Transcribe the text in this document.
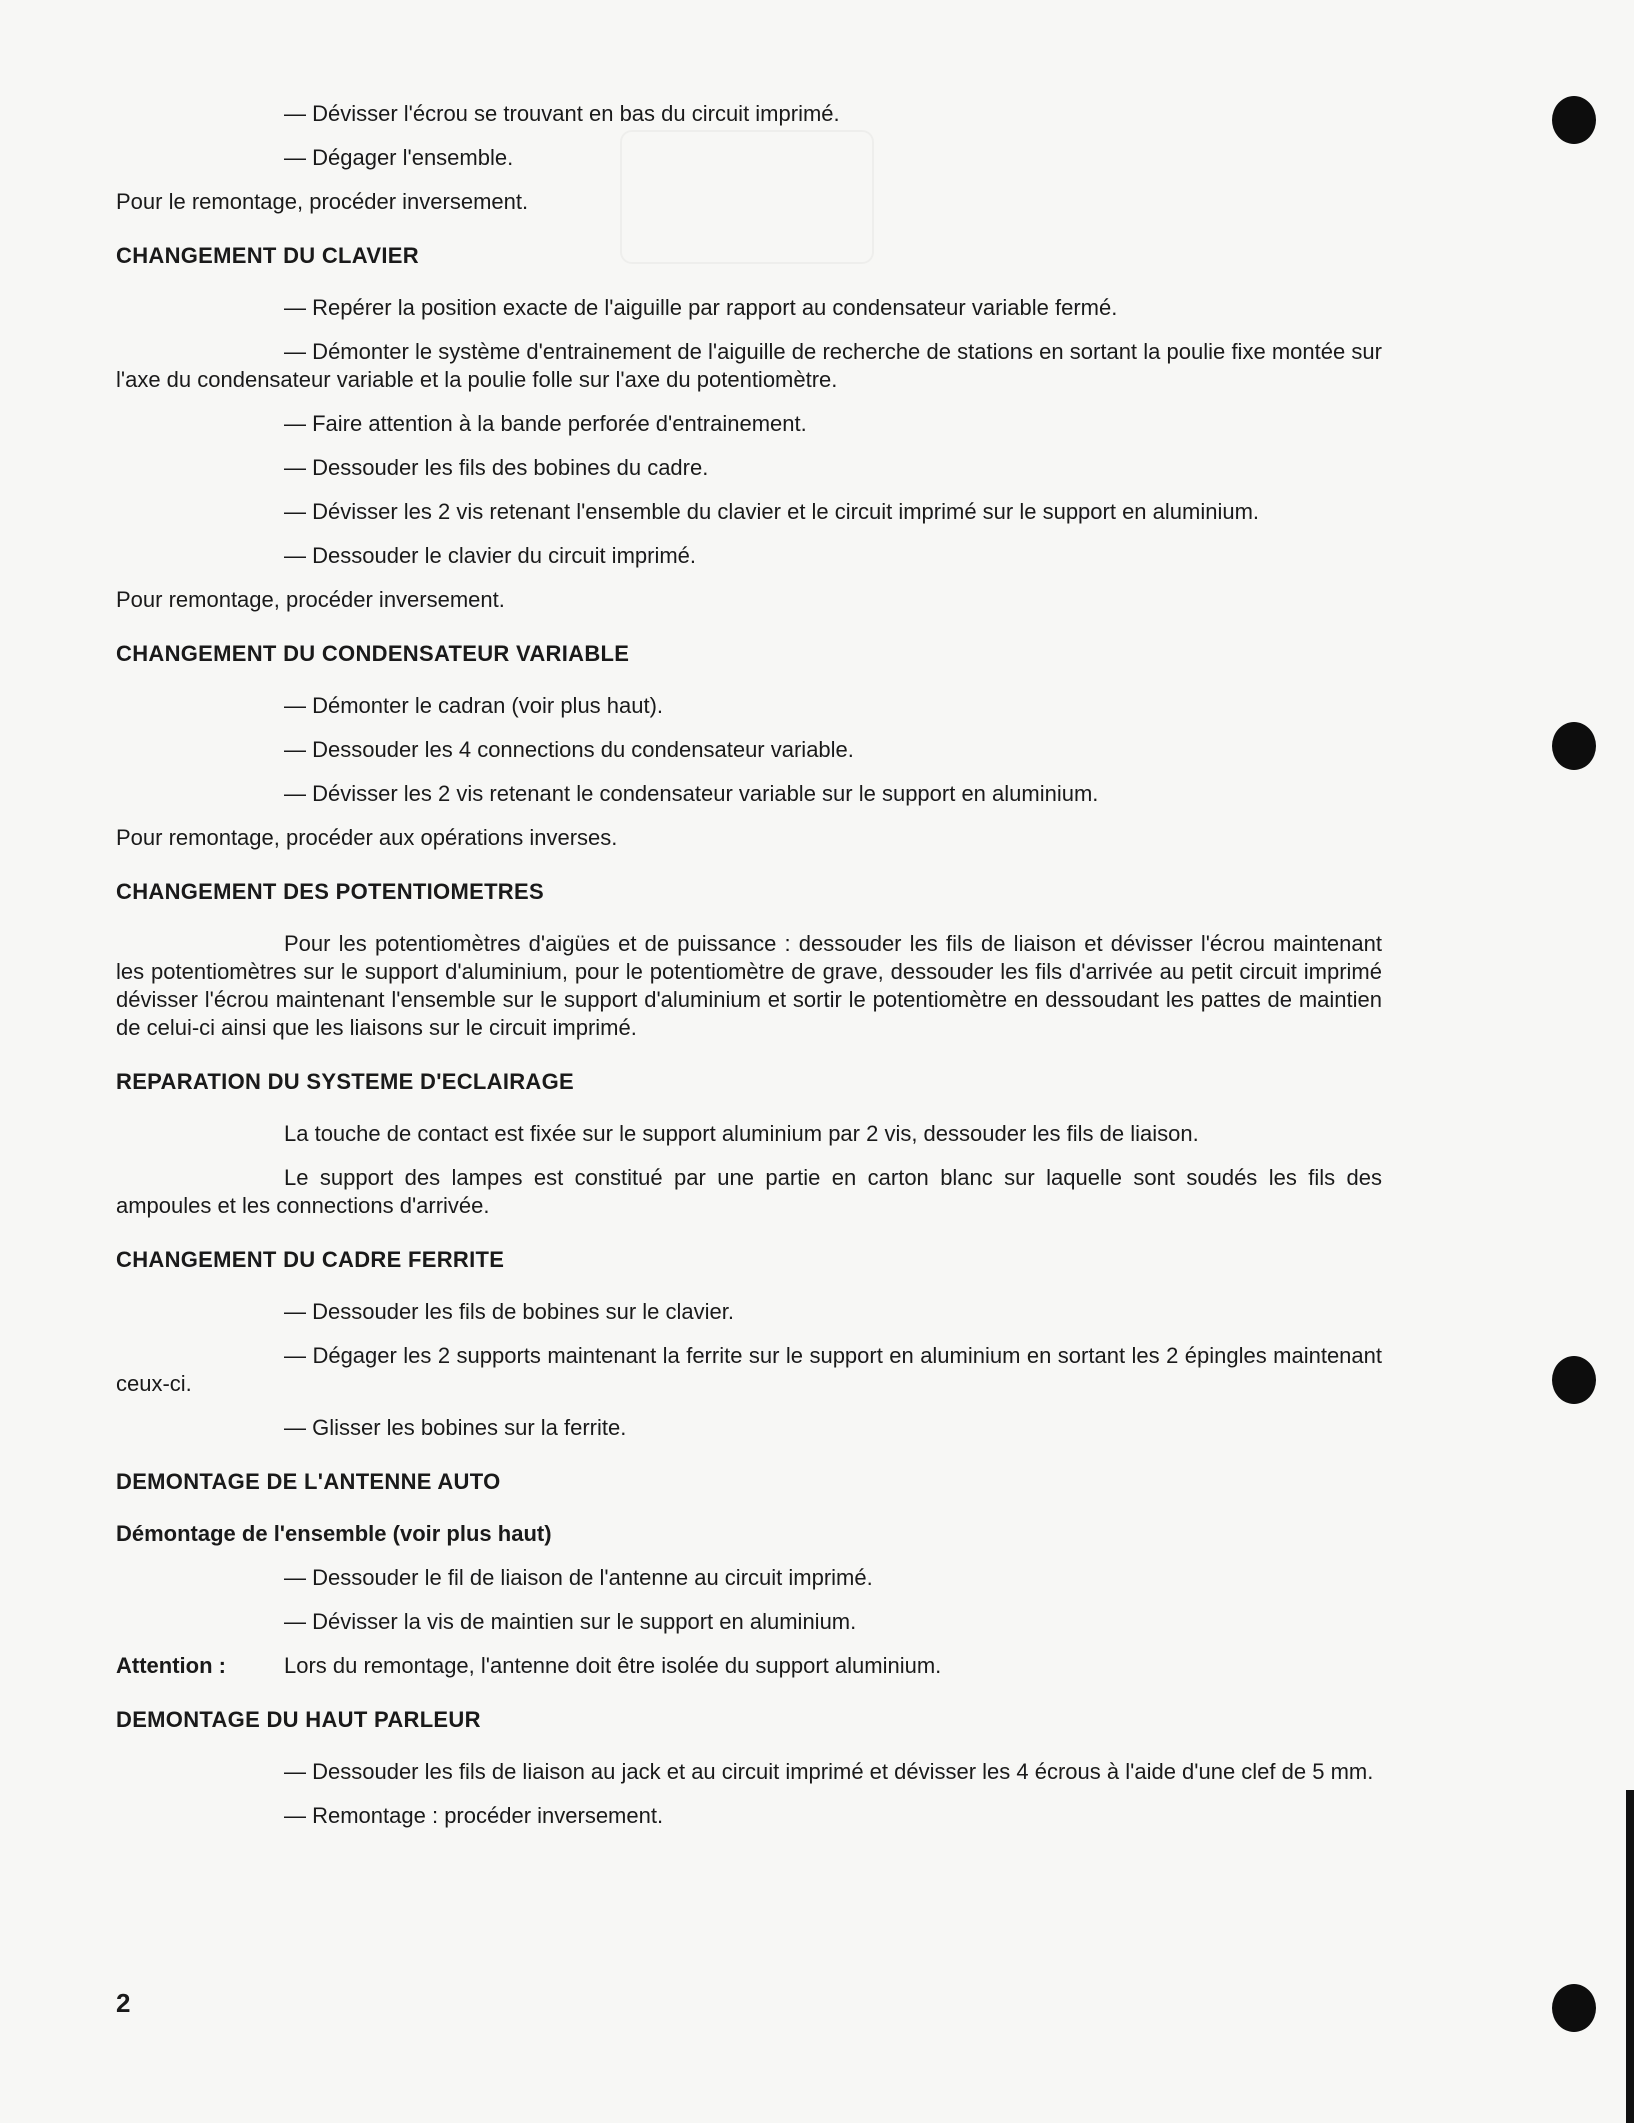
— Dévisser l'écrou se trouvant en bas du circuit imprimé.
— Dégager l'ensemble.
Pour le remontage, procéder inversement.
CHANGEMENT DU CLAVIER
— Repérer la position exacte de l'aiguille par rapport au condensateur variable fermé.
— Démonter le système d'entrainement de l'aiguille de recherche de stations en sortant la poulie fixe montée sur l'axe du condensateur variable et la poulie folle sur l'axe du potentiomètre.
— Faire attention à la bande perforée d'entrainement.
— Dessouder les fils des bobines du cadre.
— Dévisser les 2 vis retenant l'ensemble du clavier et le circuit imprimé sur le support en aluminium.
— Dessouder le clavier du circuit imprimé.
Pour remontage, procéder inversement.
CHANGEMENT DU CONDENSATEUR VARIABLE
— Démonter le cadran (voir plus haut).
— Dessouder les 4 connections du condensateur variable.
— Dévisser les 2 vis retenant le condensateur variable sur le support en aluminium.
Pour remontage, procéder aux opérations inverses.
CHANGEMENT DES POTENTIOMETRES
Pour les potentiomètres d'aigües et de puissance : dessouder les fils de liaison et dévisser l'écrou maintenant les potentiomètres sur le support d'aluminium, pour le potentiomètre de grave, dessouder les fils d'arrivée au petit circuit imprimé dévisser l'écrou maintenant l'ensemble sur le support d'aluminium et sortir le potentiomètre en dessoudant les pattes de maintien de celui-ci ainsi que les liaisons sur le circuit imprimé.
REPARATION DU SYSTEME D'ECLAIRAGE
La touche de contact est fixée sur le support aluminium par 2 vis, dessouder les fils de liaison.
Le support des lampes est constitué par une partie en carton blanc sur laquelle sont soudés les fils des ampoules et les connections d'arrivée.
CHANGEMENT DU CADRE FERRITE
— Dessouder les fils de bobines sur le clavier.
— Dégager les 2 supports maintenant la ferrite sur le support en aluminium en sortant les 2 épingles maintenant ceux-ci.
— Glisser les bobines sur la ferrite.
DEMONTAGE DE L'ANTENNE AUTO
Démontage de l'ensemble (voir plus haut)
— Dessouder le fil de liaison de l'antenne au circuit imprimé.
— Dévisser la vis de maintien sur le support en aluminium.
Attention :	Lors du remontage, l'antenne doit être isolée du support aluminium.
DEMONTAGE DU HAUT PARLEUR
— Dessouder les fils de liaison au jack et au circuit imprimé et dévisser les 4 écrous à l'aide d'une clef de 5 mm.
— Remontage : procéder inversement.
2
